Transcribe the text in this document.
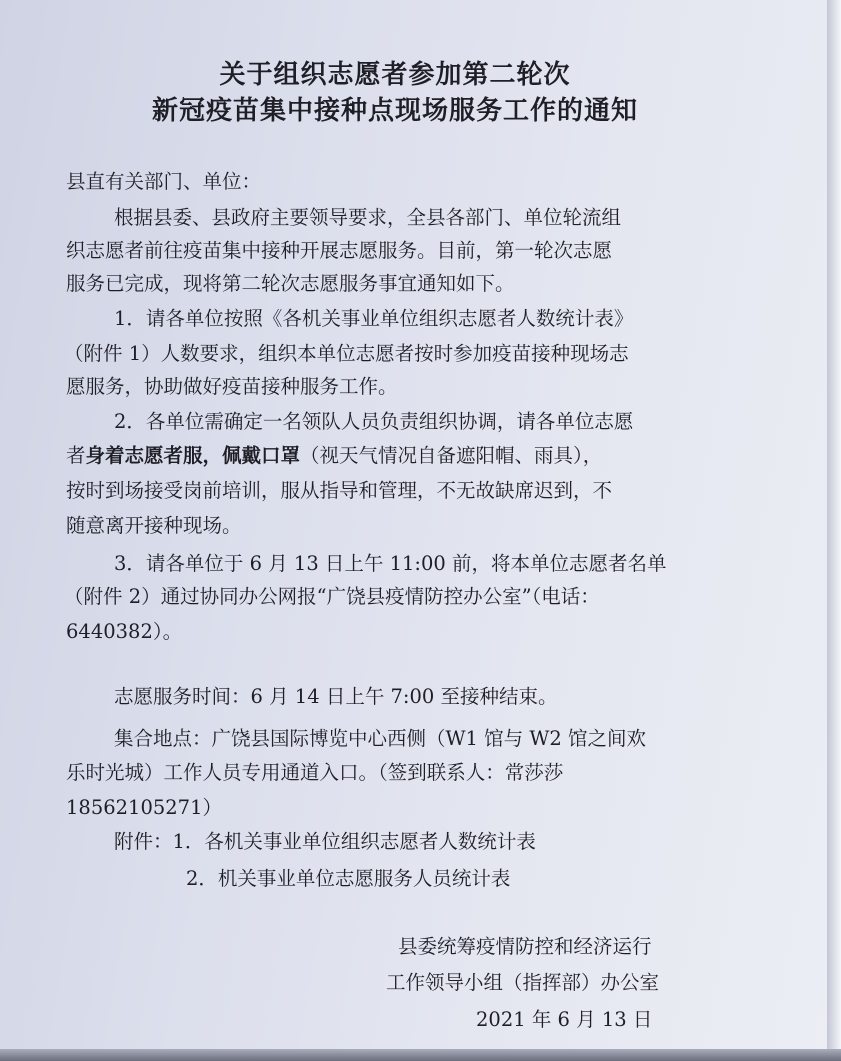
关于组织志愿者参加第二轮次
新冠疫苗集中接种点现场服务工作的通知

县直有关部门、单位：

根据县委、县政府主要领导要求，全县各部门、单位轮流组

织志愿者前往疫苗集中接种开展志愿服务。目前，第一轮次志愿

服务已完成，现将第二轮次志愿服务事宜通知如下。

1．请各单位按照《各机关事业单位组织志愿者人数统计表》

（附件 1）人数要求，组织本单位志愿者按时参加疫苗接种现场志

愿服务，协助做好疫苗接种服务工作。

2．各单位需确定一名领队人员负责组织协调，请各单位志愿

者身着志愿者服，佩戴口罩（视天气情况自备遮阳帽、雨具），

按时到场接受岗前培训，服从指导和管理，不无故缺席迟到，不

随意离开接种现场。

3．请各单位于 6 月 13 日上午 11:00 前，将本单位志愿者名单

（附件 2）通过协同办公网报“广饶县疫情防控办公室”（电话：

6440382）。

志愿服务时间：6 月 14 日上午 7:00 至接种结束。

集合地点：广饶县国际博览中心西侧（W1 馆与 W2 馆之间欢

乐时光城）工作人员专用通道入口。（签到联系人：常莎莎

18562105271）

附件：1．各机关事业单位组织志愿者人数统计表

2．机关事业单位志愿服务人员统计表

县委统筹疫情防控和经济运行

工作领导小组（指挥部）办公室

2021 年 6 月 13 日
